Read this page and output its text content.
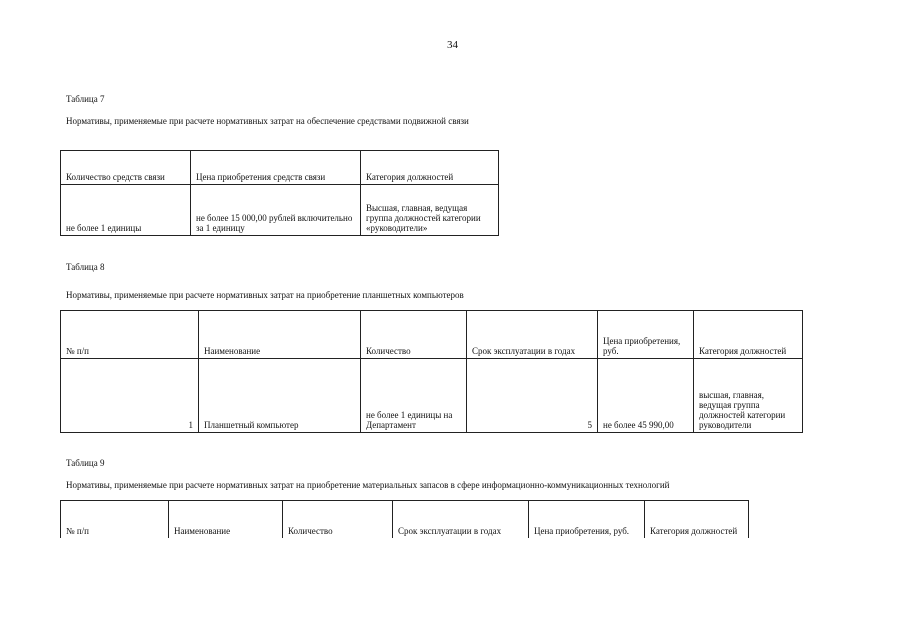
34
Таблица 7
Нормативы, применяемые при расчете нормативных затрат на обеспечение средствами подвижной связи
Количество средств связи	Цена приобретения средств связи	Категория должностей
не более 1 единицы	не более 15 000,00 рублей включительно за 1 единицу	Высшая, главная, ведущая группа должностей категории «руководители»
Таблица 8
Нормативы, применяемые при расчете нормативных затрат на приобретение планшетных компьютеров
№ п/п	Наименование	Количество	Срок эксплуатации в годах	Цена приобретения, руб.	Категория должностей
1	Планшетный компьютер	не более 1 единицы на Департамент	5	не более 45 990,00	высшая, главная, ведущая группа должностей категории руководители
Таблица 9
Нормативы, применяемые при расчете нормативных затрат на приобретение материальных запасов в сфере информационно-коммуникационных технологий
№ п/п	Наименование	Количество	Срок эксплуатации в годах	Цена приобретения, руб.	Категория должностей
